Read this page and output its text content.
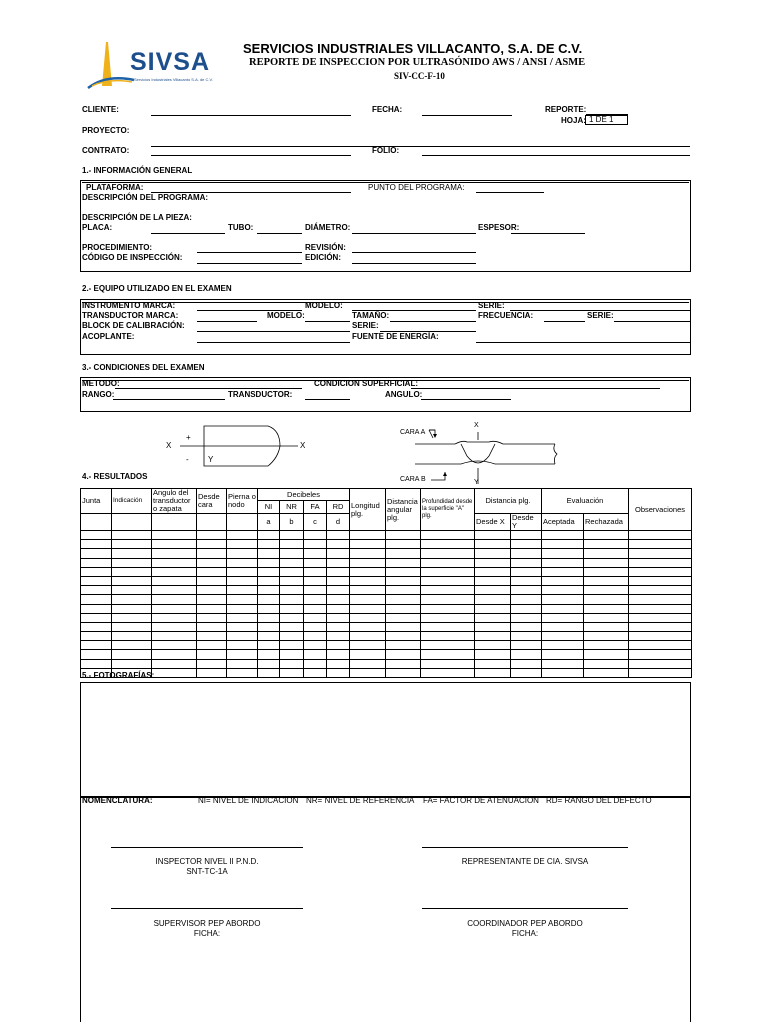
SIVSA
Servicios Industriales Villacanto S.A. de C.V.
SERVICIOS INDUSTRIALES VILLACANTO, S.A. DE C.V.
REPORTE DE INSPECCION POR ULTRASÓNIDO AWS / ANSI / ASME
SIV-CC-F-10
CLIENTE:	FECHA:	REPORTE:
HOJA: 1 DE 1
PROYECTO:
CONTRATO:	FOLIO:
1.- INFORMACIÓN GENERAL
PLATAFORMA:	PUNTO DEL PROGRAMA:
DESCRIPCIÓN DEL PROGRAMA:
DESCRIPCIÓN DE LA PIEZA:
PLACA:	TUBO:	DIÁMETRO:	ESPESOR:
PROCEDIMIENTO:	REVISIÓN:
CÓDIGO DE INSPECCIÓN:	EDICIÓN:
2.- EQUIPO UTILIZADO EN EL EXAMEN
INSTRUMENTO MARCA:	MODELO:	SERIE:
TRANSDUCTOR MARCA:	MODELO:	TAMAÑO:	FRECUENCIA:	SERIE:
BLOCK DE CALIBRACIÓN:	SERIE:
ACOPLANTE:	FUENTE DE ENERGÍA:
3.- CONDICIONES DEL EXAMEN
METODO:	CONDICION SUPERFICIAL:
RANGO:	TRANSDUCTOR:	ANGULO:
X	X
+
- Y
CARA A
X
CARA B	Y
4.- RESULTADOS
Junta	Indicación	Angulo del transductor o zapata	Desde cara	Pierna o nodo	Decibeles				Longitud plg.	Distancia angular plg.	Profundidad desde la superficie "A" plg.	Distancia plg.		Evaluación		Observaciones
					NI	NR	FA	RD								
					a	b	c	d				Desde X	Desde Y	Aceptada	Rechazada	

5.- FOTOGRAFÍAS:
NOMENCLATURA:	NI= NIVEL DE INDICACION NR= NIVEL DE REFERENCIA FA= FACTOR DE ATENUACION RD= RANGO DEL DEFECTO
INSPECTOR NIVEL II P.N.D.
SNT-TC-1A
REPRESENTANTE DE CIA. SIVSA
SUPERVISOR PEP ABORDO
FICHA:
COORDINADOR PEP ABORDO
FICHA:
